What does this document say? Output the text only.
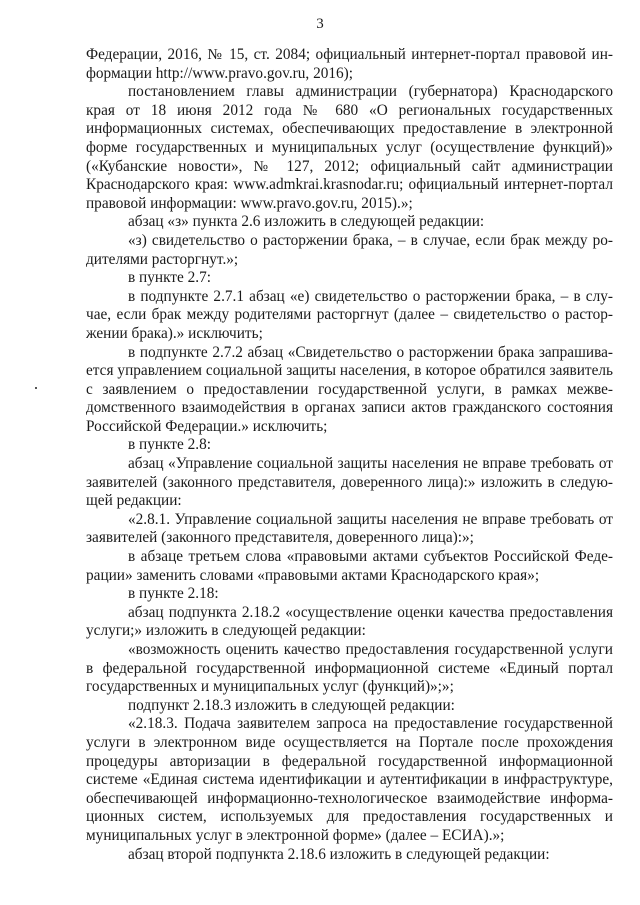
3

Федерации, 2016, № 15, ст. 2084; официальный интернет-портал правовой информации http://www.pravo.gov.ru, 2016);

постановлением главы администрации (губернатора) Краснодарского края от 18 июня 2012 года № 680 «О региональных государственных информационных системах, обеспечивающих предоставление в электронной форме государственных и муниципальных услуг (осуществление функций)» («Кубанские новости», № 127, 2012; официальный сайт администрации Краснодарского края: www.admkrai.krasnodar.ru; официальный интернет-портал правовой информации: www.pravo.gov.ru, 2015).»;

абзац «з» пункта 2.6 изложить в следующей редакции:

«з) свидетельство о расторжении брака, – в случае, если брак между родителями расторгнут.»;

в пункте 2.7:

в подпункте 2.7.1 абзац «е) свидетельство о расторжении брака, – в случае, если брак между родителями расторгнут (далее – свидетельство о расторжении брака).» исключить;

в подпункте 2.7.2 абзац «Свидетельство о расторжении брака запрашивается управлением социальной защиты населения, в которое обратился заявитель с заявлением о предоставлении государственной услуги, в рамках межведомственного взаимодействия в органах записи актов гражданского состояния Российской Федерации.» исключить;

в пункте 2.8:

абзац «Управление социальной защиты населения не вправе требовать от заявителей (законного представителя, доверенного лица):» изложить в следующей редакции:

«2.8.1. Управление социальной защиты населения не вправе требовать от заявителей (законного представителя, доверенного лица):»;

в абзаце третьем слова «правовыми актами субъектов Российской Федерации» заменить словами «правовыми актами Краснодарского края»;

в пункте 2.18:

абзац подпункта 2.18.2 «осуществление оценки качества предоставления услуги;» изложить в следующей редакции:

«возможность оценить качество предоставления государственной услуги в федеральной государственной информационной системе «Единый портал государственных и муниципальных услуг (функций)»;»;

подпункт 2.18.3 изложить в следующей редакции:

«2.18.3. Подача заявителем запроса на предоставление государственной услуги в электронном виде осуществляется на Портале после прохождения процедуры авторизации в федеральной государственной информационной системе «Единая система идентификации и аутентификации в инфраструктуре, обеспечивающей информационно-технологическое взаимодействие информационных систем, используемых для предоставления государственных и муниципальных услуг в электронной форме» (далее – ЕСИА).»;

абзац второй подпункта 2.18.6 изложить в следующей редакции:
